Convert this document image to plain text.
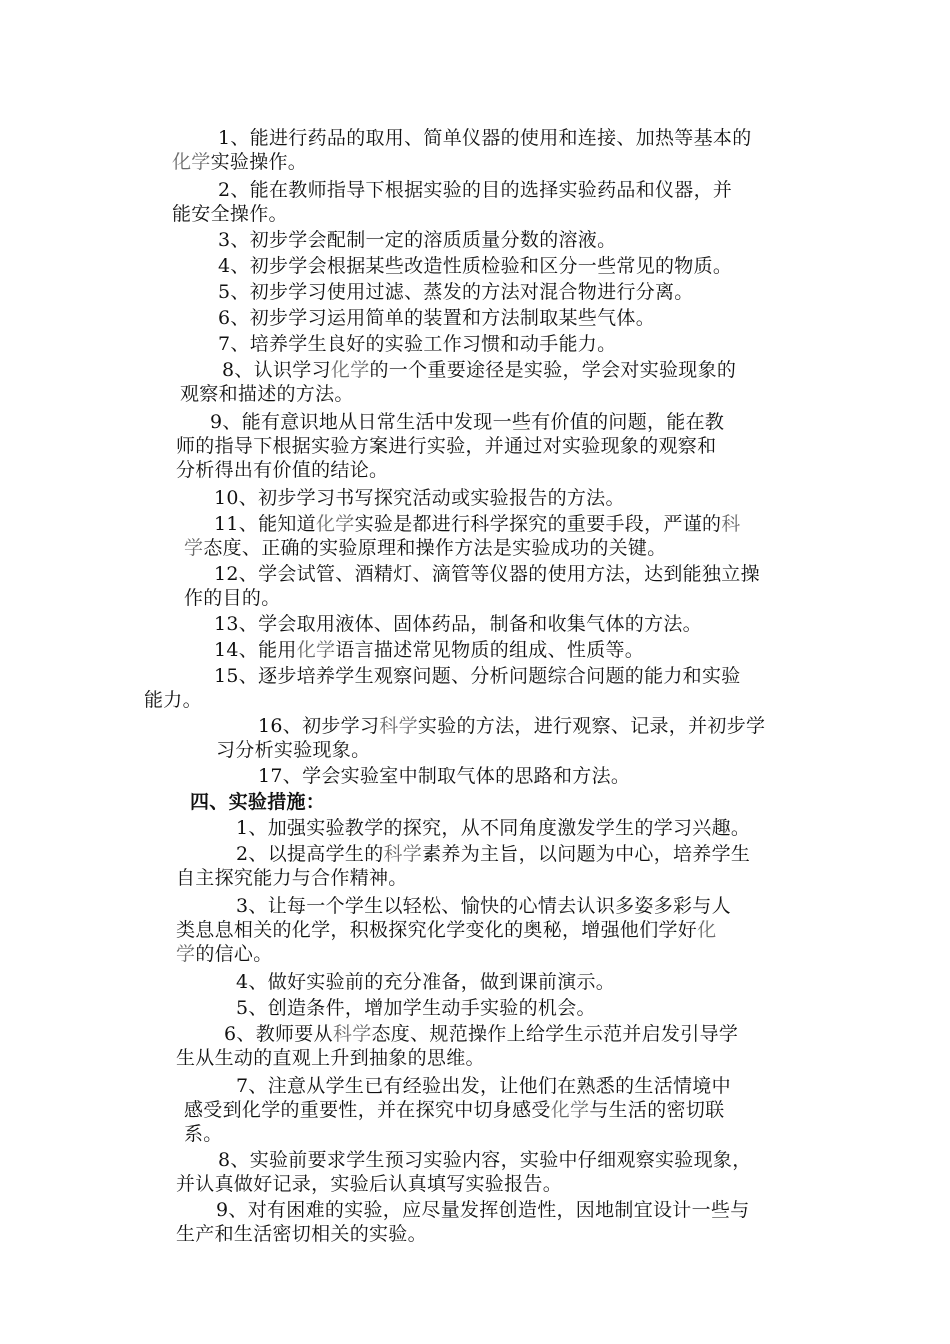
1、能进行药品的取用、简单仪器的使用和连接、加热等基本的
化学实验操作。
2、能在教师指导下根据实验的目的选择实验药品和仪器，并
能安全操作。
3、初步学会配制一定的溶质质量分数的溶液。
4、初步学会根据某些改造性质检验和区分一些常见的物质。
5、初步学习使用过滤、蒸发的方法对混合物进行分离。
6、初步学习运用简单的装置和方法制取某些气体。
7、培养学生良好的实验工作习惯和动手能力。
8、认识学习化学的一个重要途径是实验，学会对实验现象的
观察和描述的方法。
9、能有意识地从日常生活中发现一些有价值的问题，能在教
师的指导下根据实验方案进行实验，并通过对实验现象的观察和
分析得出有价值的结论。
10、初步学习书写探究活动或实验报告的方法。
11、能知道化学实验是都进行科学探究的重要手段，严谨的科
学态度、正确的实验原理和操作方法是实验成功的关键。
12、学会试管、酒精灯、滴管等仪器的使用方法，达到能独立操
作的目的。
13、学会取用液体、固体药品，制备和收集气体的方法。
14、能用化学语言描述常见物质的组成、性质等。
15、逐步培养学生观察问题、分析问题综合问题的能力和实验
能力。
16、初步学习科学实验的方法，进行观察、记录，并初步学
习分析实验现象。
17、学会实验室中制取气体的思路和方法。
四、实验措施：
1、加强实验教学的探究，从不同角度激发学生的学习兴趣。
2、以提高学生的科学素养为主旨，以问题为中心，培养学生
自主探究能力与合作精神。
3、让每一个学生以轻松、愉快的心情去认识多姿多彩与人
类息息相关的化学，积极探究化学变化的奥秘，增强他们学好化
学的信心。
4、做好实验前的充分准备，做到课前演示。
5、创造条件，增加学生动手实验的机会。
6、教师要从科学态度、规范操作上给学生示范并启发引导学
生从生动的直观上升到抽象的思维。
7、注意从学生已有经验出发，让他们在熟悉的生活情境中
感受到化学的重要性，并在探究中切身感受化学与生活的密切联
系。
8、实验前要求学生预习实验内容，实验中仔细观察实验现象，
并认真做好记录，实验后认真填写实验报告。
9、对有困难的实验，应尽量发挥创造性，因地制宜设计一些与
生产和生活密切相关的实验。
